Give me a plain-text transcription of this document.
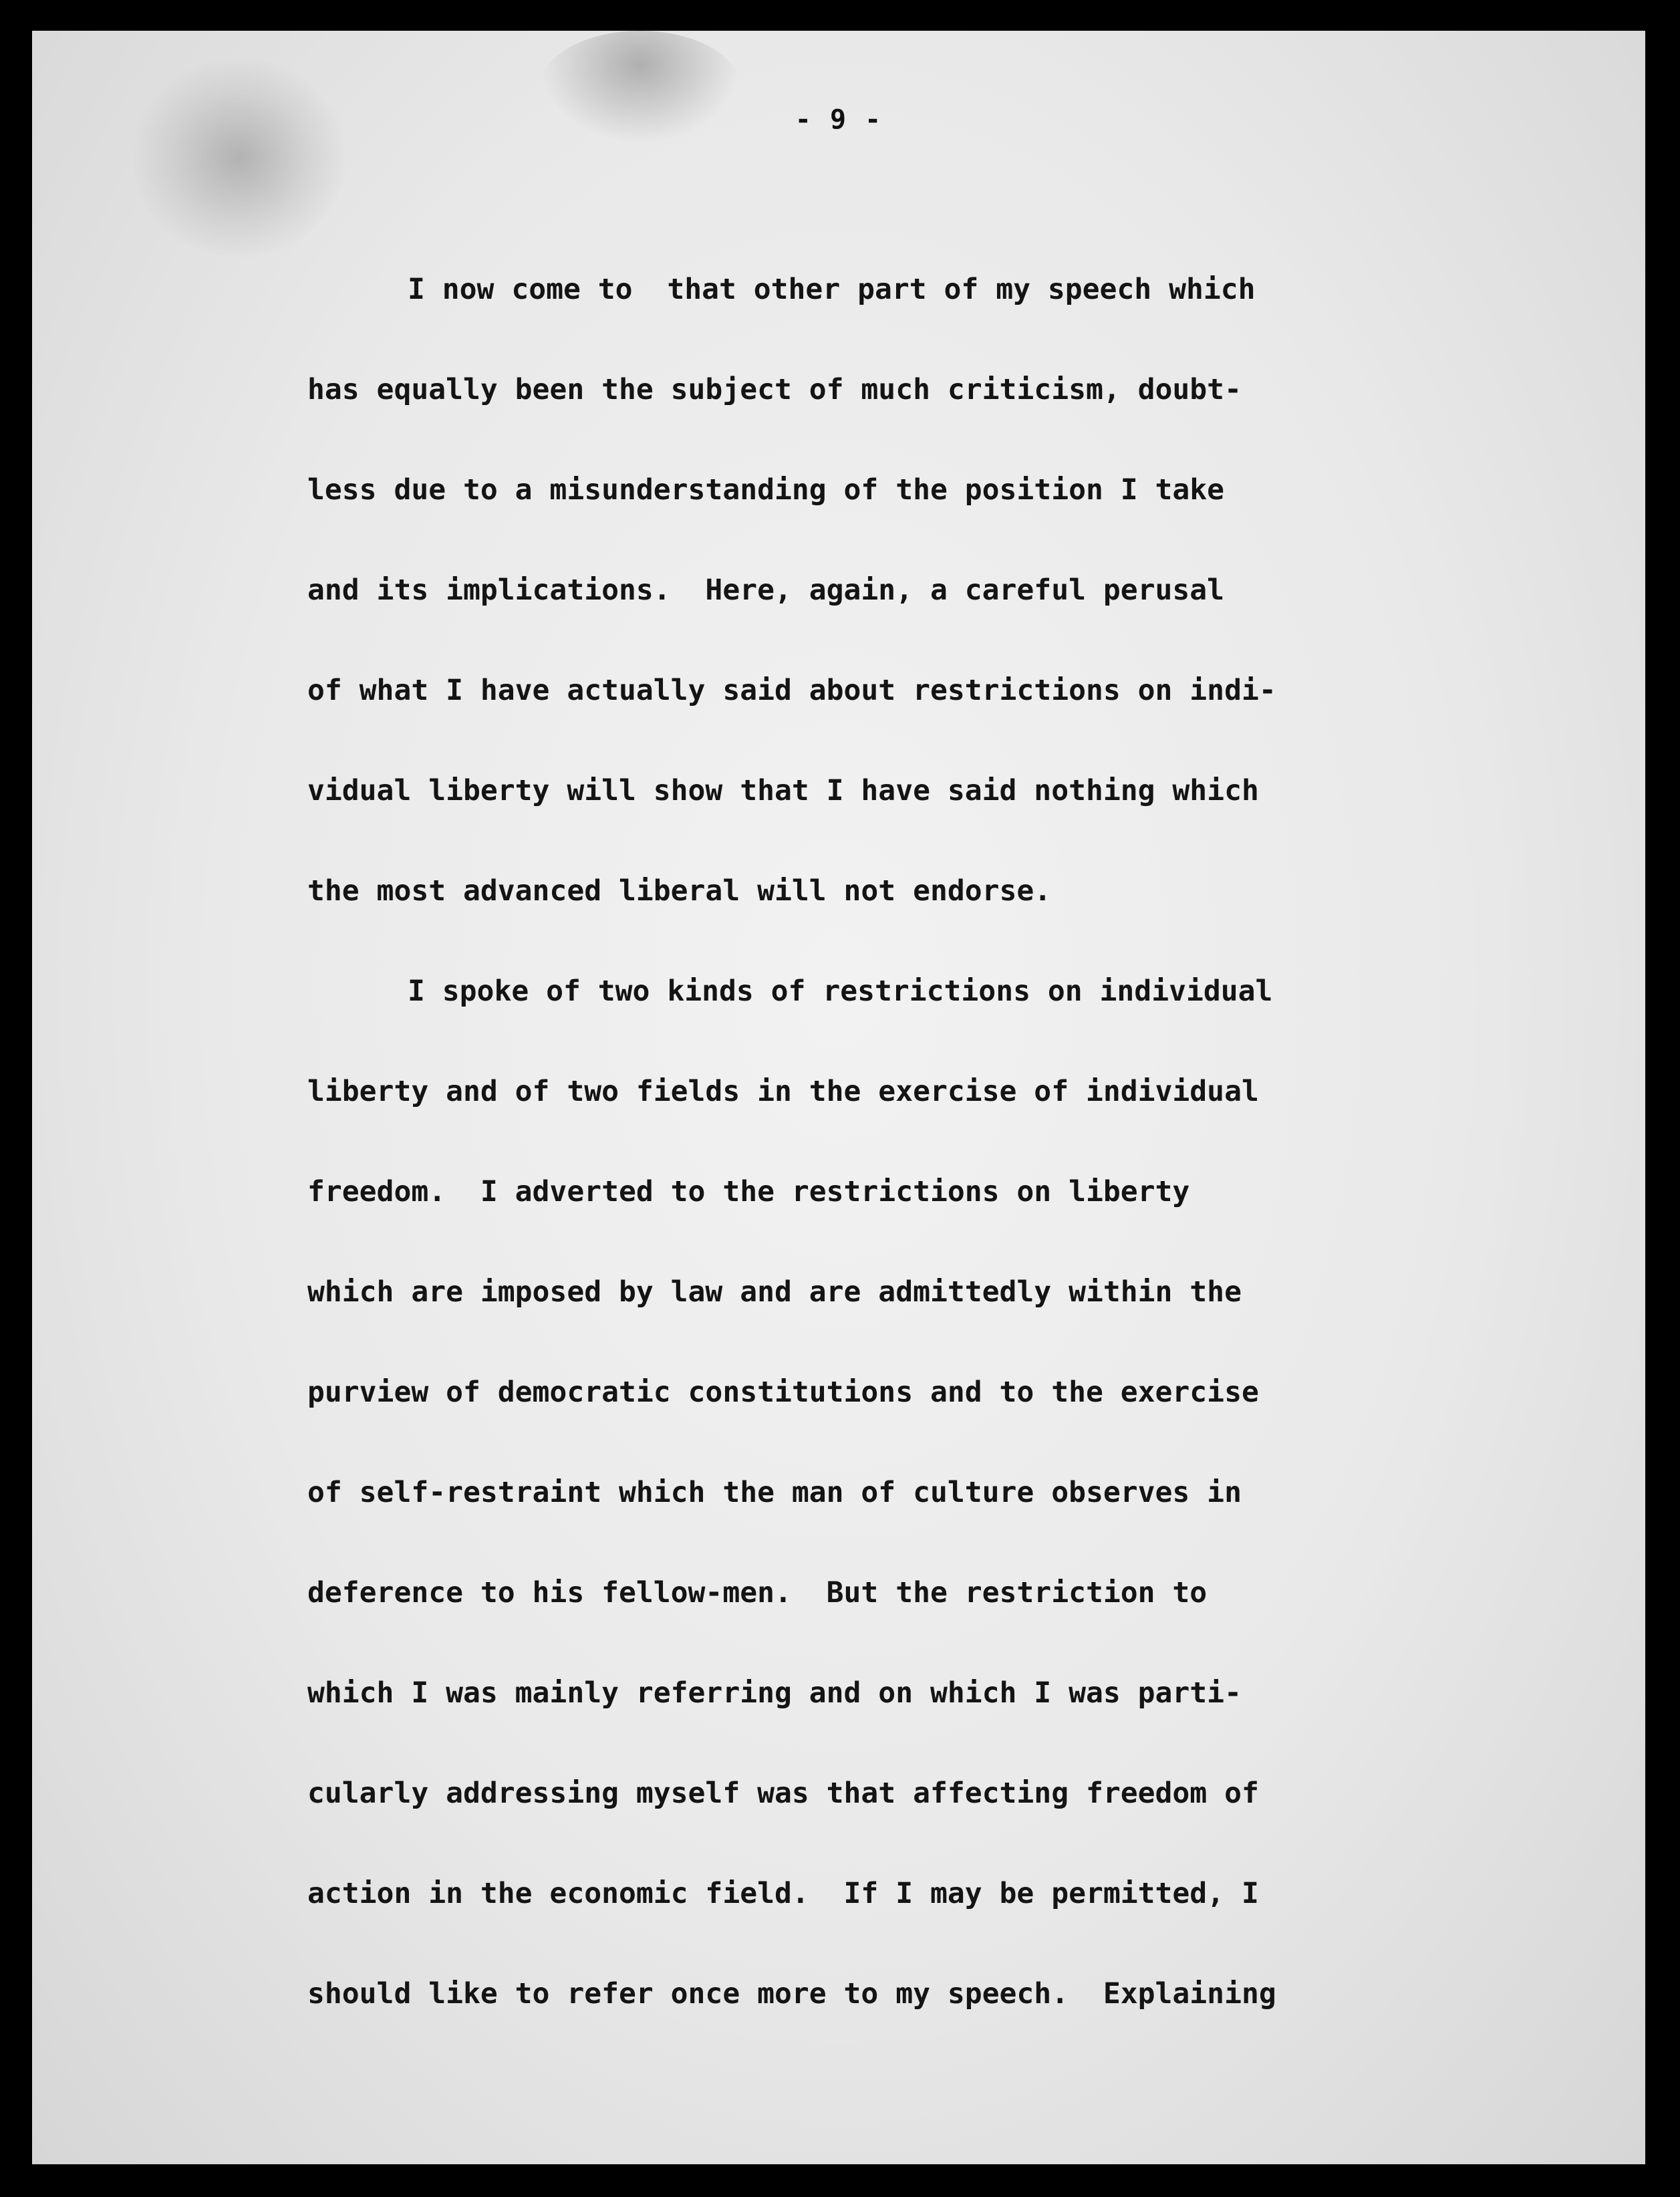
- 9 -
I now come to  that other part of my speech which
has equally been the subject of much criticism, doubt-
less due to a misunderstanding of the position I take
and its implications.  Here, again, a careful perusal
of what I have actually said about restrictions on indi-
vidual liberty will show that I have said nothing which
the most advanced liberal will not endorse.
I spoke of two kinds of restrictions on individual
liberty and of two fields in the exercise of individual
freedom.  I adverted to the restrictions on liberty
which are imposed by law and are admittedly within the
purview of democratic constitutions and to the exercise
of self-restraint which the man of culture observes in
deference to his fellow-men.  But the restriction to
which I was mainly referring and on which I was parti-
cularly addressing myself was that affecting freedom of
action in the economic field.  If I may be permitted, I
should like to refer once more to my speech.  Explaining
